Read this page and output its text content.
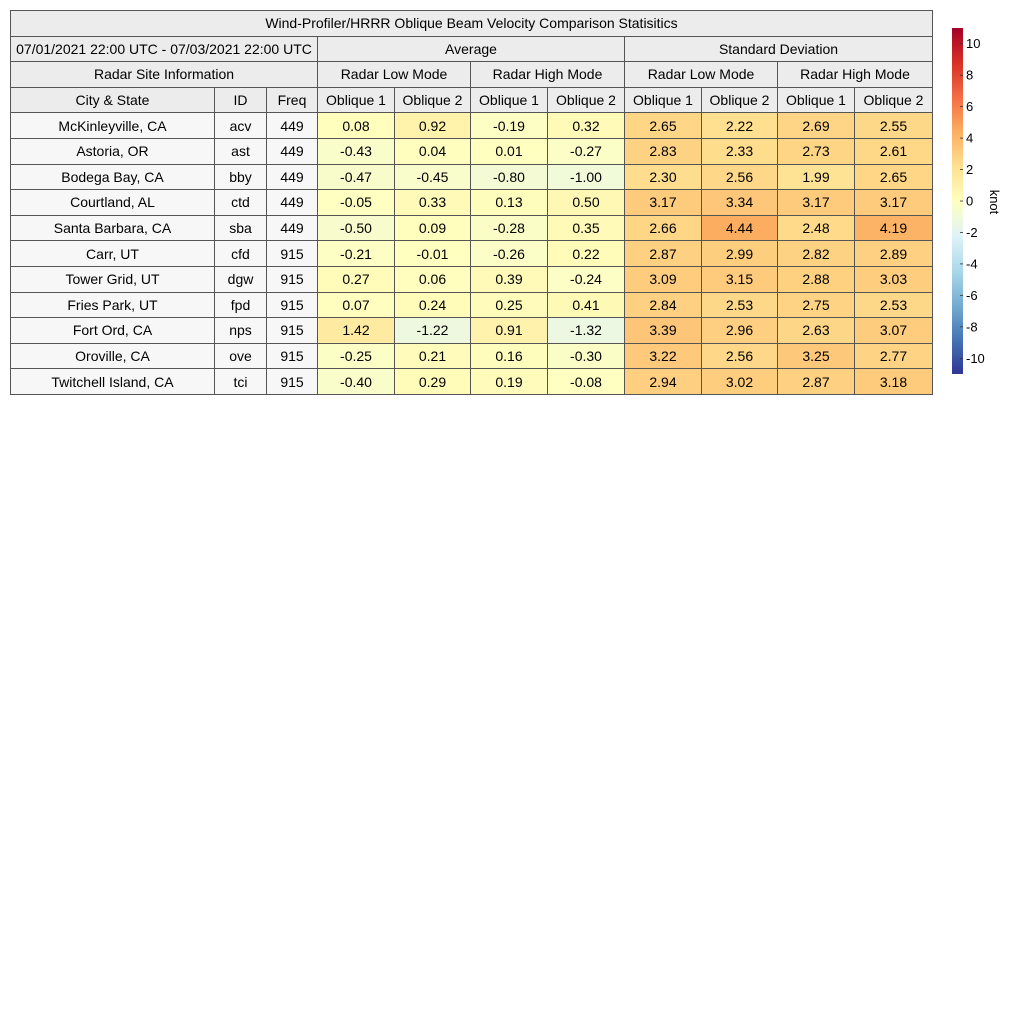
Wind-Profiler/HRRR Oblique Beam Velocity Comparison Statisitics										
07/01/2021 22:00 UTC - 07/03/2021 22:00 UTC			Average				Standard Deviation			
Radar Site Information			Radar Low Mode		Radar High Mode		Radar Low Mode		Radar High Mode	
City & State	ID	Freq	Oblique 1	Oblique 2	Oblique 1	Oblique 2	Oblique 1	Oblique 2	Oblique 1	Oblique 2
McKinleyville, CA	acv	449	0.08	0.92	-0.19	0.32	2.65	2.22	2.69	2.55
Astoria, OR	ast	449	-0.43	0.04	0.01	-0.27	2.83	2.33	2.73	2.61
Bodega Bay, CA	bby	449	-0.47	-0.45	-0.80	-1.00	2.30	2.56	1.99	2.65
Courtland, AL	ctd	449	-0.05	0.33	0.13	0.50	3.17	3.34	3.17	3.17
Santa Barbara, CA	sba	449	-0.50	0.09	-0.28	0.35	2.66	4.44	2.48	4.19
Carr, UT	cfd	915	-0.21	-0.01	-0.26	0.22	2.87	2.99	2.82	2.89
Tower Grid, UT	dgw	915	0.27	0.06	0.39	-0.24	3.09	3.15	2.88	3.03
Fries Park, UT	fpd	915	0.07	0.24	0.25	0.41	2.84	2.53	2.75	2.53
Fort Ord, CA	nps	915	1.42	-1.22	0.91	-1.32	3.39	2.96	2.63	3.07
Oroville, CA	ove	915	-0.25	0.21	0.16	-0.30	3.22	2.56	3.25	2.77
Twitchell Island, CA	tci	915	-0.40	0.29	0.19	-0.08	2.94	3.02	2.87	3.18
10
8
6
4
2
0
-2
-4
-6
-8
-10
knot
